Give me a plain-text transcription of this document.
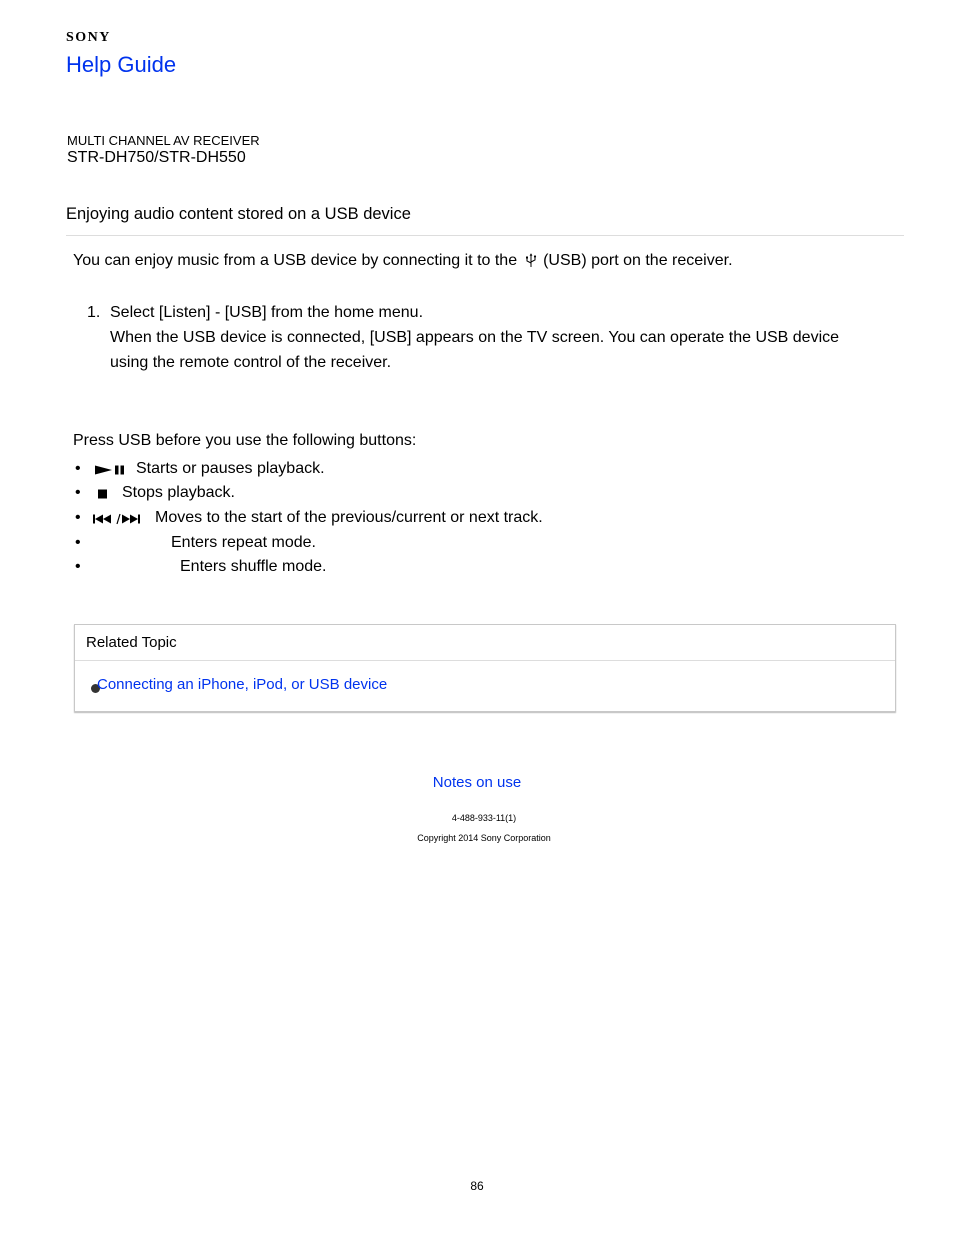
SONY
Help Guide
MULTI CHANNEL AV RECEIVER
STR-DH750/STR-DH550
Enjoying audio content stored on a USB device
You can enjoy music from a USB device by connecting it to the (USB) port on the receiver.
1. Select [Listen] - [USB] from the home menu.
When the USB device is connected, [USB] appears on the TV screen. You can operate the USB device using the remote control of the receiver.
Press USB before you use the following buttons:
•	Starts or pauses playback.
•	Stops playback.
•	Moves to the start of the previous/current or next track.
•	Enters repeat mode.
•	Enters shuffle mode.
Related Topic
Connecting an iPhone, iPod, or USB device
Notes on use
4-488-933-11(1)
Copyright 2014 Sony Corporation
86
